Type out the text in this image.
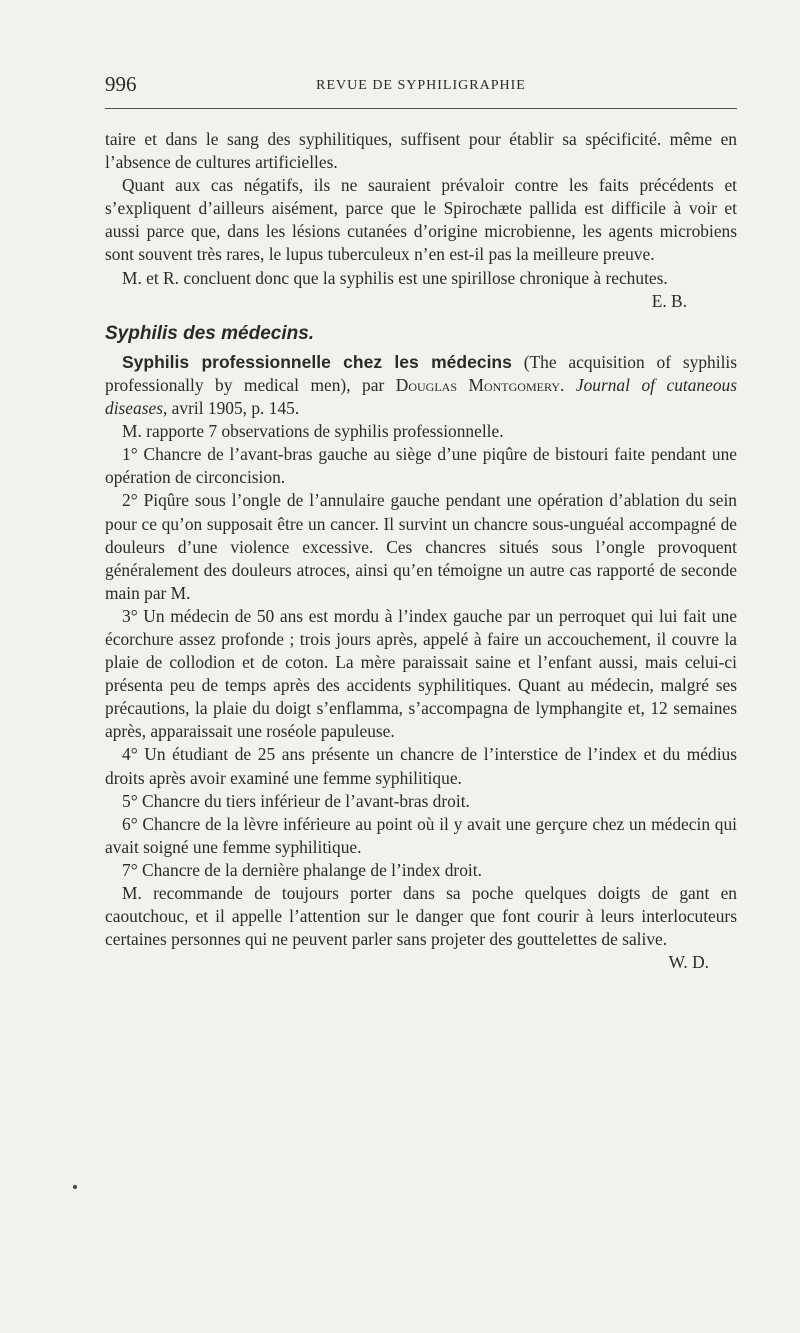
996	REVUE DE SYPHILIGRAPHIE

taire et dans le sang des syphilitiques, suffisent pour établir sa spécificité. même en l’absence de cultures artificielles.

Quant aux cas négatifs, ils ne sauraient prévaloir contre les faits précédents et s’expliquent d’ailleurs aisément, parce que le Spirochæte pallida est difficile à voir et aussi parce que, dans les lésions cutanées d’origine microbienne, les agents microbiens sont souvent très rares, le lupus tuberculeux n’en est-il pas la meilleure preuve.

M. et R. concluent donc que la syphilis est une spirillose chronique à rechutes.
E. B.

Syphilis des médecins.

Syphilis professionnelle chez les médecins (The acquisition of syphilis professionally by medical men), par Douglas Montgomery. Journal of cutaneous diseases, avril 1905, p. 145.

M. rapporte 7 observations de syphilis professionnelle.

1° Chancre de l’avant-bras gauche au siège d’une piqûre de bistouri faite pendant une opération de circoncision.

2° Piqûre sous l’ongle de l’annulaire gauche pendant une opération d’ablation du sein pour ce qu’on supposait être un cancer. Il survint un chancre sous-unguéal accompagné de douleurs d’une violence excessive. Ces chancres situés sous l’ongle provoquent généralement des douleurs atroces, ainsi qu’en témoigne un autre cas rapporté de seconde main par M.

3° Un médecin de 50 ans est mordu à l’index gauche par un perroquet qui lui fait une écorchure assez profonde ; trois jours après, appelé à faire un accouchement, il couvre la plaie de collodion et de coton. La mère paraissait saine et l’enfant aussi, mais celui-ci présenta peu de temps après des accidents syphilitiques. Quant au médecin, malgré ses précautions, la plaie du doigt s’enflamma, s’accompagna de lymphangite et, 12 semaines après, apparaissait une roséole papuleuse.

4° Un étudiant de 25 ans présente un chancre de l’interstice de l’index et du médius droits après avoir examiné une femme syphilitique.

5° Chancre du tiers inférieur de l’avant-bras droit.

6° Chancre de la lèvre inférieure au point où il y avait une gerçure chez un médecin qui avait soigné une femme syphilitique.

7° Chancre de la dernière phalange de l’index droit.

M. recommande de toujours porter dans sa poche quelques doigts de gant en caoutchouc, et il appelle l’attention sur le danger que font courir à leurs interlocuteurs certaines personnes qui ne peuvent parler sans projeter des gouttelettes de salive.
W. D.
